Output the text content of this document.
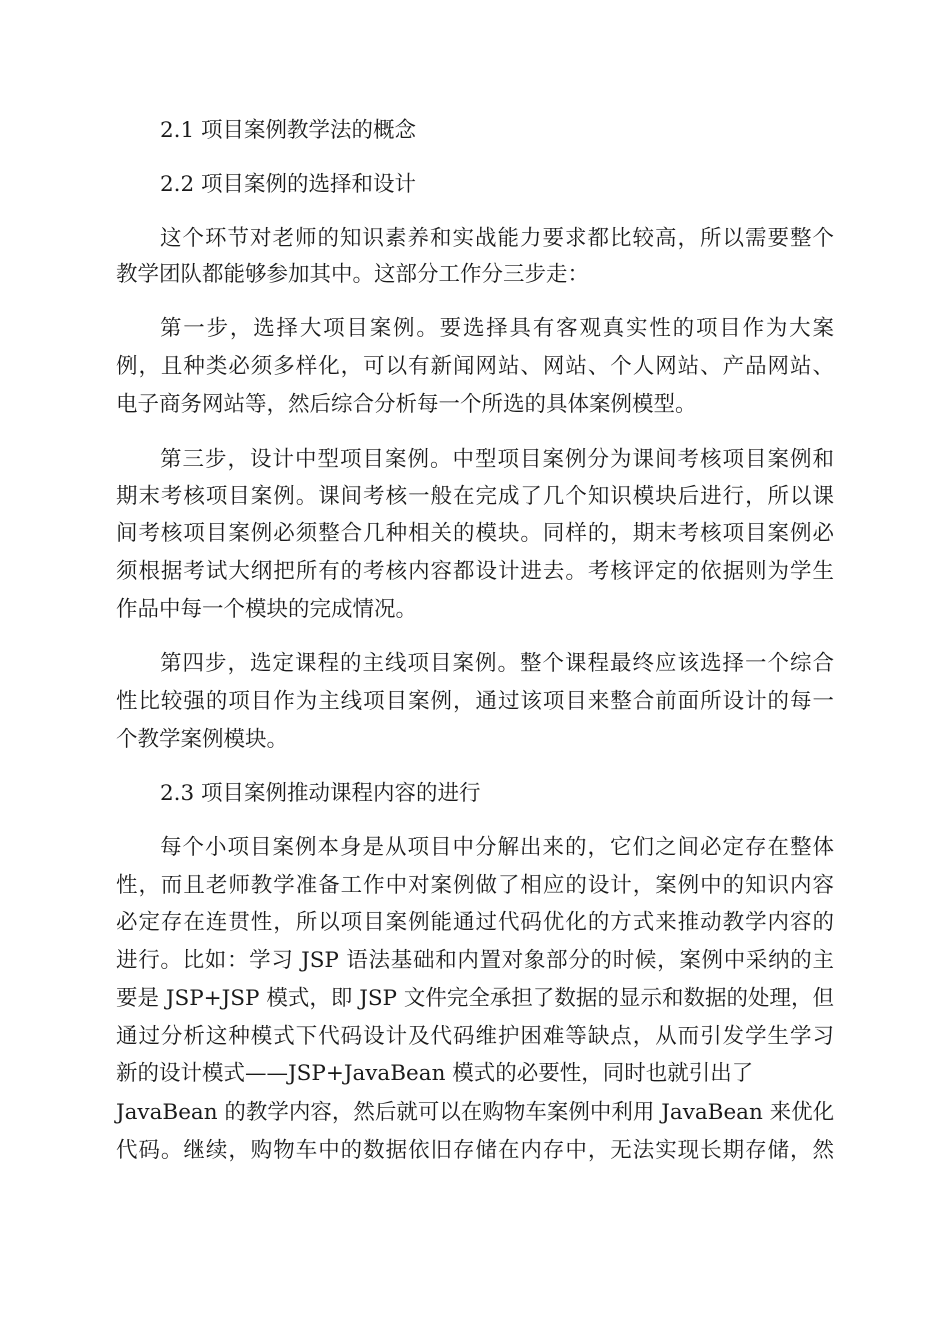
2.1 项目案例教学法的概念
2.2 项目案例的选择和设计
这个环节对老师的知识素养和实战能力要求都比较高，所以需要整个
教学团队都能够参加其中。这部分工作分三步走：
第一步，选择大项目案例。要选择具有客观真实性的项目作为大案
例，且种类必须多样化，可以有新闻网站、网站、个人网站、产品网站、
电子商务网站等，然后综合分析每一个所选的具体案例模型。
第三步，设计中型项目案例。中型项目案例分为课间考核项目案例和
期末考核项目案例。课间考核一般在完成了几个知识模块后进行，所以课
间考核项目案例必须整合几种相关的模块。同样的，期末考核项目案例必
须根据考试大纲把所有的考核内容都设计进去。考核评定的依据则为学生
作品中每一个模块的完成情况。
第四步，选定课程的主线项目案例。整个课程最终应该选择一个综合
性比较强的项目作为主线项目案例，通过该项目来整合前面所设计的每一
个教学案例模块。
2.3 项目案例推动课程内容的进行
每个小项目案例本身是从项目中分解出来的，它们之间必定存在整体
性，而且老师教学准备工作中对案例做了相应的设计，案例中的知识内容
必定存在连贯性，所以项目案例能通过代码优化的方式来推动教学内容的
进行。比如：学习 JSP 语法基础和内置对象部分的时候，案例中采纳的主
要是 JSP+JSP 模式，即 JSP 文件完全承担了数据的显示和数据的处理，但
通过分析这种模式下代码设计及代码维护困难等缺点，从而引发学生学习
新的设计模式——JSP+JavaBean 模式的必要性，同时也就引出了
JavaBean 的教学内容，然后就可以在购物车案例中利用 JavaBean 来优化
代码。继续，购物车中的数据依旧存储在内存中，无法实现长期存储，然
